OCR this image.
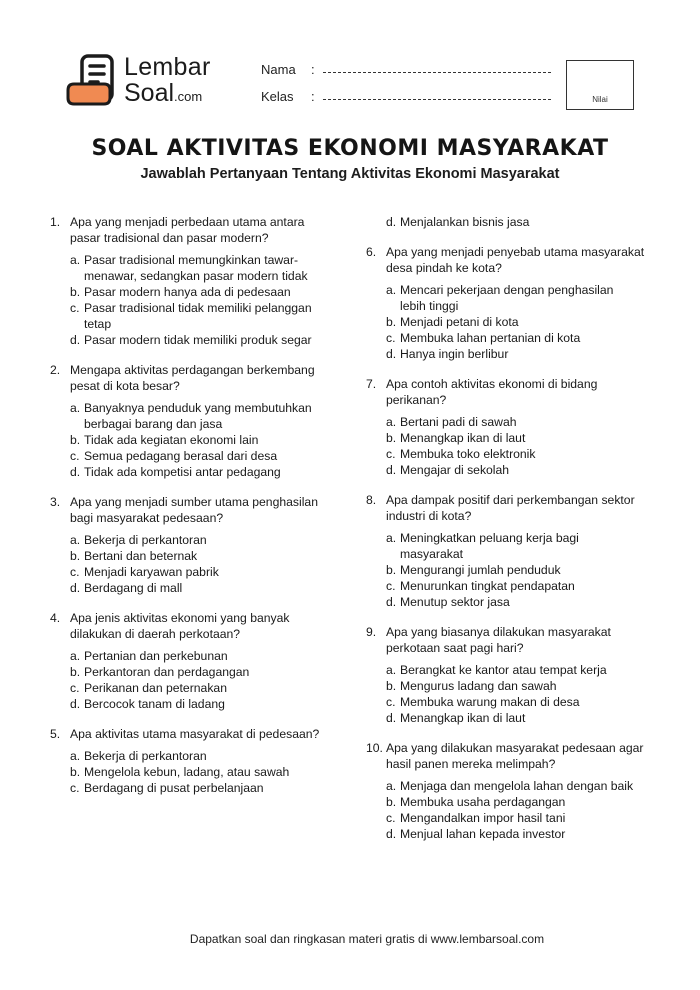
Lembar
Soal.com
Nama :
Kelas :	Nilai
SOAL AKTIVITAS EKONOMI MASYARAKAT
Jawablah Pertanyaan Tentang Aktivitas Ekonomi Masyarakat
1. Apa yang menjadi perbedaan utama antara pasar tradisional dan pasar modern?
a. Pasar tradisional memungkinkan tawar-menawar, sedangkan pasar modern tidak
b. Pasar modern hanya ada di pedesaan
c. Pasar tradisional tidak memiliki pelanggan tetap
d. Pasar modern tidak memiliki produk segar
2. Mengapa aktivitas perdagangan berkembang pesat di kota besar?
a. Banyaknya penduduk yang membutuhkan berbagai barang dan jasa
b. Tidak ada kegiatan ekonomi lain
c. Semua pedagang berasal dari desa
d. Tidak ada kompetisi antar pedagang
3. Apa yang menjadi sumber utama penghasilan bagi masyarakat pedesaan?
a. Bekerja di perkantoran
b. Bertani dan beternak
c. Menjadi karyawan pabrik
d. Berdagang di mall
4. Apa jenis aktivitas ekonomi yang banyak dilakukan di daerah perkotaan?
a. Pertanian dan perkebunan
b. Perkantoran dan perdagangan
c. Perikanan dan peternakan
d. Bercocok tanam di ladang
5. Apa aktivitas utama masyarakat di pedesaan?
a. Bekerja di perkantoran
b. Mengelola kebun, ladang, atau sawah
c. Berdagang di pusat perbelanjaan
d. Menjalankan bisnis jasa
6. Apa yang menjadi penyebab utama masyarakat desa pindah ke kota?
a. Mencari pekerjaan dengan penghasilan lebih tinggi
b. Menjadi petani di kota
c. Membuka lahan pertanian di kota
d. Hanya ingin berlibur
7. Apa contoh aktivitas ekonomi di bidang perikanan?
a. Bertani padi di sawah
b. Menangkap ikan di laut
c. Membuka toko elektronik
d. Mengajar di sekolah
8. Apa dampak positif dari perkembangan sektor industri di kota?
a. Meningkatkan peluang kerja bagi masyarakat
b. Mengurangi jumlah penduduk
c. Menurunkan tingkat pendapatan
d. Menutup sektor jasa
9. Apa yang biasanya dilakukan masyarakat perkotaan saat pagi hari?
a. Berangkat ke kantor atau tempat kerja
b. Mengurus ladang dan sawah
c. Membuka warung makan di desa
d. Menangkap ikan di laut
10. Apa yang dilakukan masyarakat pedesaan agar hasil panen mereka melimpah?
a. Menjaga dan mengelola lahan dengan baik
b. Membuka usaha perdagangan
c. Mengandalkan impor hasil tani
d. Menjual lahan kepada investor
Dapatkan soal dan ringkasan materi gratis di www.lembarsoal.com
